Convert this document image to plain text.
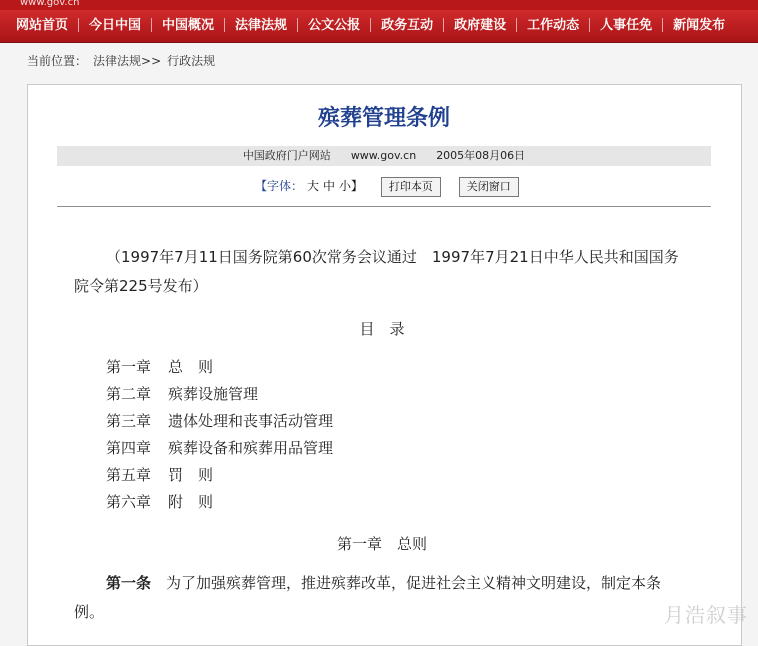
www.gov.cn
网站首页 今日中国 中国概况 法律法规 公文公报 政务互动 政府建设 工作动态 人事任免 新闻发布
当前位置： 法律法规>> 行政法规
殡葬管理条例
中国政府门户网站 www.gov.cn 2005年08月06日
【字体： 大 中 小】 打印本页	关闭窗口

（1997年7月11日国务院第60次常务会议通过　1997年7月21日中华人民共和国国务院令第225号发布）

目　录
第一章 总　则
第二章 殡葬设施管理
第三章 遗体处理和丧事活动管理
第四章 殡葬设备和殡葬用品管理
第五章 罚　则
第六章 附　则
第一章　总则

第一条　为了加强殡葬管理，推进殡葬改革，促进社会主义精神文明建设，制定本条例。	月浩叙事
